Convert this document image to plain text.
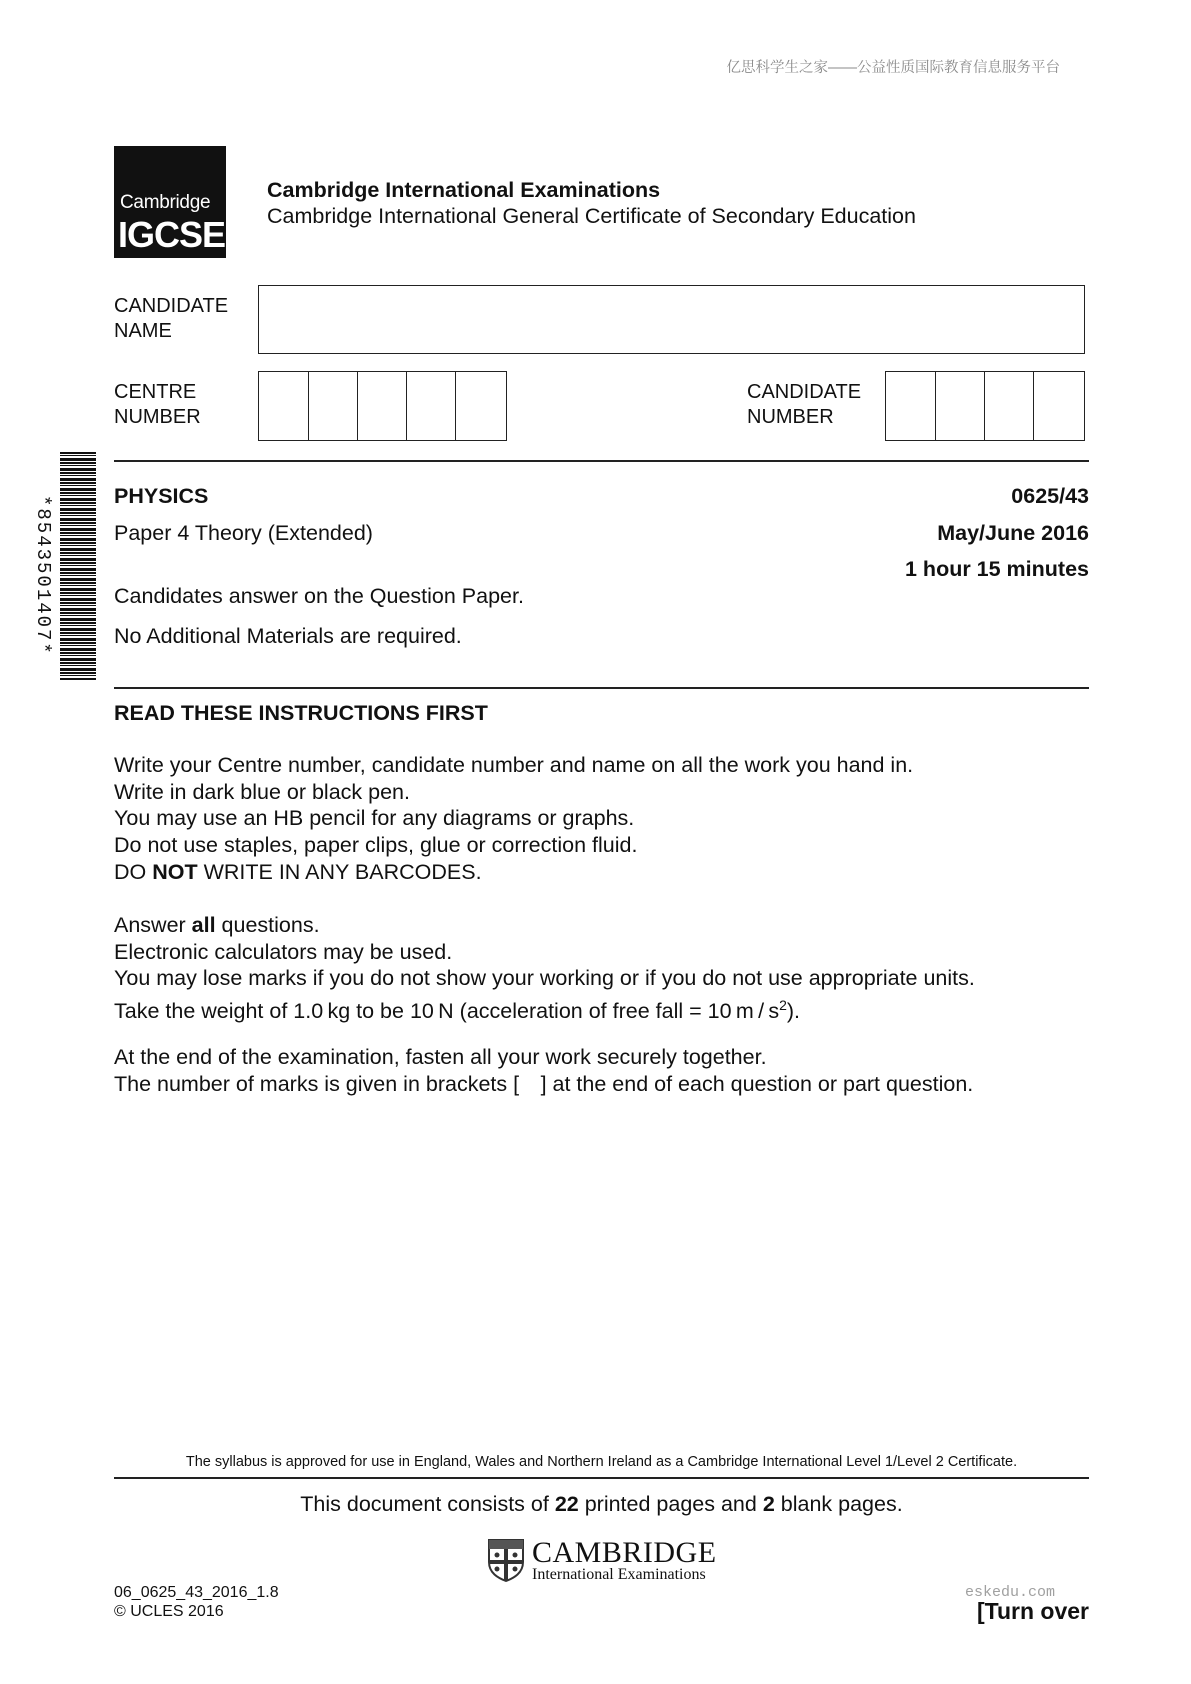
亿思科学生之家——公益性质国际教育信息服务平台
Cambridge
IGCSE
Cambridge International Examinations
Cambridge International General Certificate of Secondary Education
CANDIDATE
NAME
CENTRE
NUMBER
CANDIDATE
NUMBER
*8543501407*	PHYSICS	0625/43
Paper 4 Theory (Extended)	May/June 2016
1 hour 15 minutes
Candidates answer on the Question Paper.
No Additional Materials are required.
READ THESE INSTRUCTIONS FIRST
Write your Centre number, candidate number and name on all the work you hand in.
Write in dark blue or black pen.
You may use an HB pencil for any diagrams or graphs.
Do not use staples, paper clips, glue or correction fluid.
DO NOT WRITE IN ANY BARCODES.
Answer all questions.
Electronic calculators may be used.
You may lose marks if you do not show your working or if you do not use appropriate units.
Take the weight of 1.0 kg to be 10 N (acceleration of free fall = 10 m / $s^2$).
At the end of the examination, fasten all your work securely together.
The number of marks is given in brackets [  ] at the end of each question or part question.
The syllabus is approved for use in England, Wales and Northern Ireland as a Cambridge International Level 1/Level 2 Certificate.
This document consists of 22 printed pages and 2 blank pages.
CAMBRIDGE
International Examinations
06_0625_43_2016_1.8
© UCLES 2016
eskedu.com
[Turn over
